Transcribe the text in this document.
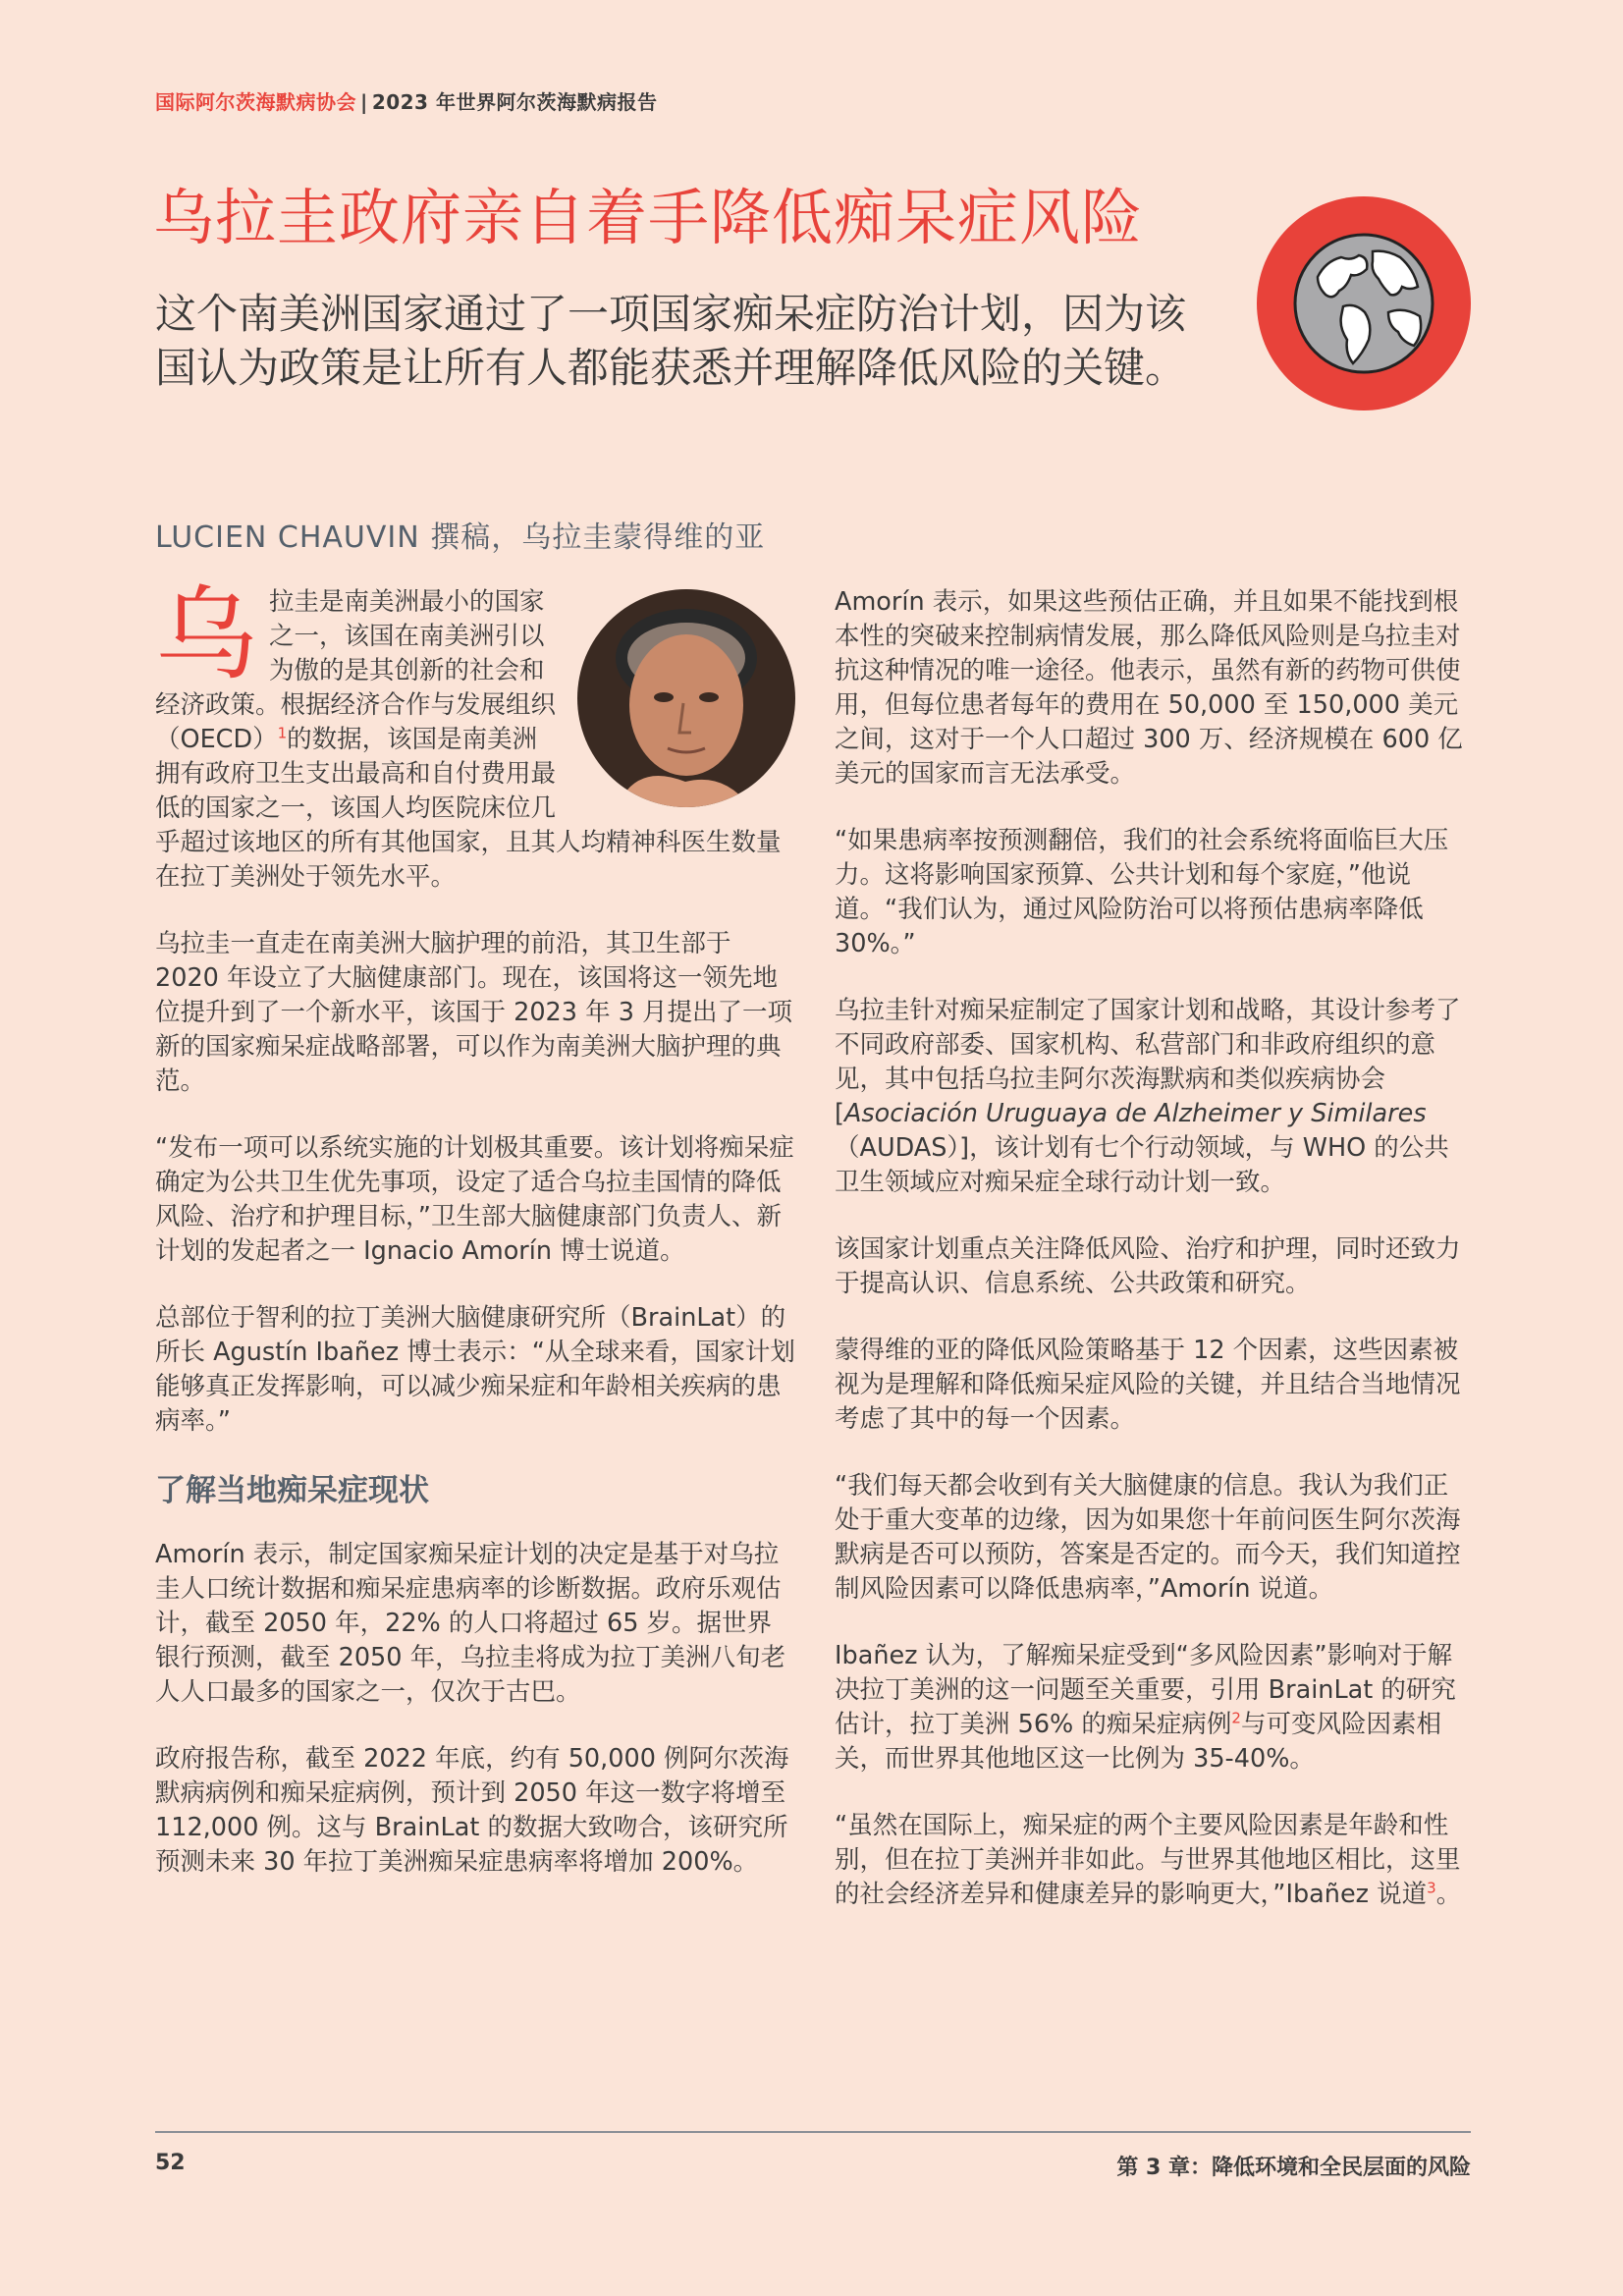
国际阿尔茨海默病协会 | 2023 年世界阿尔茨海默病报告
乌拉圭政府亲自着手降低痴呆症风险

这个南美洲国家通过了一项国家痴呆症防治计划，因为该国认为政策是让所有人都能获悉并理解降低风险的关键。

LUCIEN CHAUVIN 撰稿，乌拉圭蒙得维的亚

乌拉圭是南美洲最小的国家之一，该国在南美洲引以为傲的是其创新的社会和经济政策。根据经济合作与发展组织（OECD）$^1$的数据，该国是南美洲拥有政府卫生支出最高和自付费用最低的国家之一，该国人均医院床位几乎超过该地区的所有其他国家，且其人均精神科医生数量在拉丁美洲处于领先水平。

乌拉圭一直走在南美洲大脑护理的前沿，其卫生部于 2020 年设立了大脑健康部门。现在，该国将这一领先地位提升到了一个新水平，该国于 2023 年 3 月提出了一项新的国家痴呆症战略部署，可以作为南美洲大脑护理的典范。

“发布一项可以系统实施的计划极其重要。该计划将痴呆症确定为公共卫生优先事项，设定了适合乌拉圭国情的降低风险、治疗和护理目标，”卫生部大脑健康部门负责人、新计划的发起者之一 Ignacio Amorín 博士说道。

总部位于智利的拉丁美洲大脑健康研究所（BrainLat）的所长 Agustín Ibañez 博士表示：“从全球来看，国家计划能够真正发挥影响，可以减少痴呆症和年龄相关疾病的患病率。”

了解当地痴呆症现状

Amorín 表示，制定国家痴呆症计划的决定是基于对乌拉圭人口统计数据和痴呆症患病率的诊断数据。政府乐观估计，截至 2050 年，22% 的人口将超过 65 岁。据世界银行预测，截至 2050 年，乌拉圭将成为拉丁美洲八旬老人人口最多的国家之一，仅次于古巴。

政府报告称，截至 2022 年底，约有 50,000 例阿尔茨海默病病例和痴呆症病例，预计到 2050 年这一数字将增至 112,000 例。这与 BrainLat 的数据大致吻合，该研究所预测未来 30 年拉丁美洲痴呆症患病率将增加 200%。

Amorín 表示，如果这些预估正确，并且如果不能找到根本性的突破来控制病情发展，那么降低风险则是乌拉圭对抗这种情况的唯一途径。他表示，虽然有新的药物可供使用，但每位患者每年的费用在 50,000 至 150,000 美元之间，这对于一个人口超过 300 万、经济规模在 600 亿美元的国家而言无法承受。

“如果患病率按预测翻倍，我们的社会系统将面临巨大压力。这将影响国家预算、公共计划和每个家庭，”他说道。“我们认为，通过风险防治可以将预估患病率降低 30%。”

乌拉圭针对痴呆症制定了国家计划和战略，其设计参考了不同政府部委、国家机构、私营部门和非政府组织的意见，其中包括乌拉圭阿尔茨海默病和类似疾病协会[Asociación Uruguaya de Alzheimer y Similares（AUDAS）]，该计划有七个行动领域，与 WHO 的公共卫生领域应对痴呆症全球行动计划一致。

该国家计划重点关注降低风险、治疗和护理，同时还致力于提高认识、信息系统、公共政策和研究。

蒙得维的亚的降低风险策略基于 12 个因素，这些因素被视为是理解和降低痴呆症风险的关键，并且结合当地情况考虑了其中的每一个因素。

“我们每天都会收到有关大脑健康的信息。我认为我们正处于重大变革的边缘，因为如果您十年前问医生阿尔茨海默病是否可以预防，答案是否定的。而今天，我们知道控制风险因素可以降低患病率，”Amorín 说道。

Ibañez 认为，了解痴呆症受到“多风险因素”影响对于解决拉丁美洲的这一问题至关重要，引用 BrainLat 的研究估计，拉丁美洲 56% 的痴呆症病例$^2$与可变风险因素相关，而世界其他地区这一比例为 35-40%。

“虽然在国际上，痴呆症的两个主要风险因素是年龄和性别，但在拉丁美洲并非如此。与世界其他地区相比，这里的社会经济差异和健康差异的影响更大，”Ibañez 说道$^3$。

52	第 3 章：降低环境和全民层面的风险
